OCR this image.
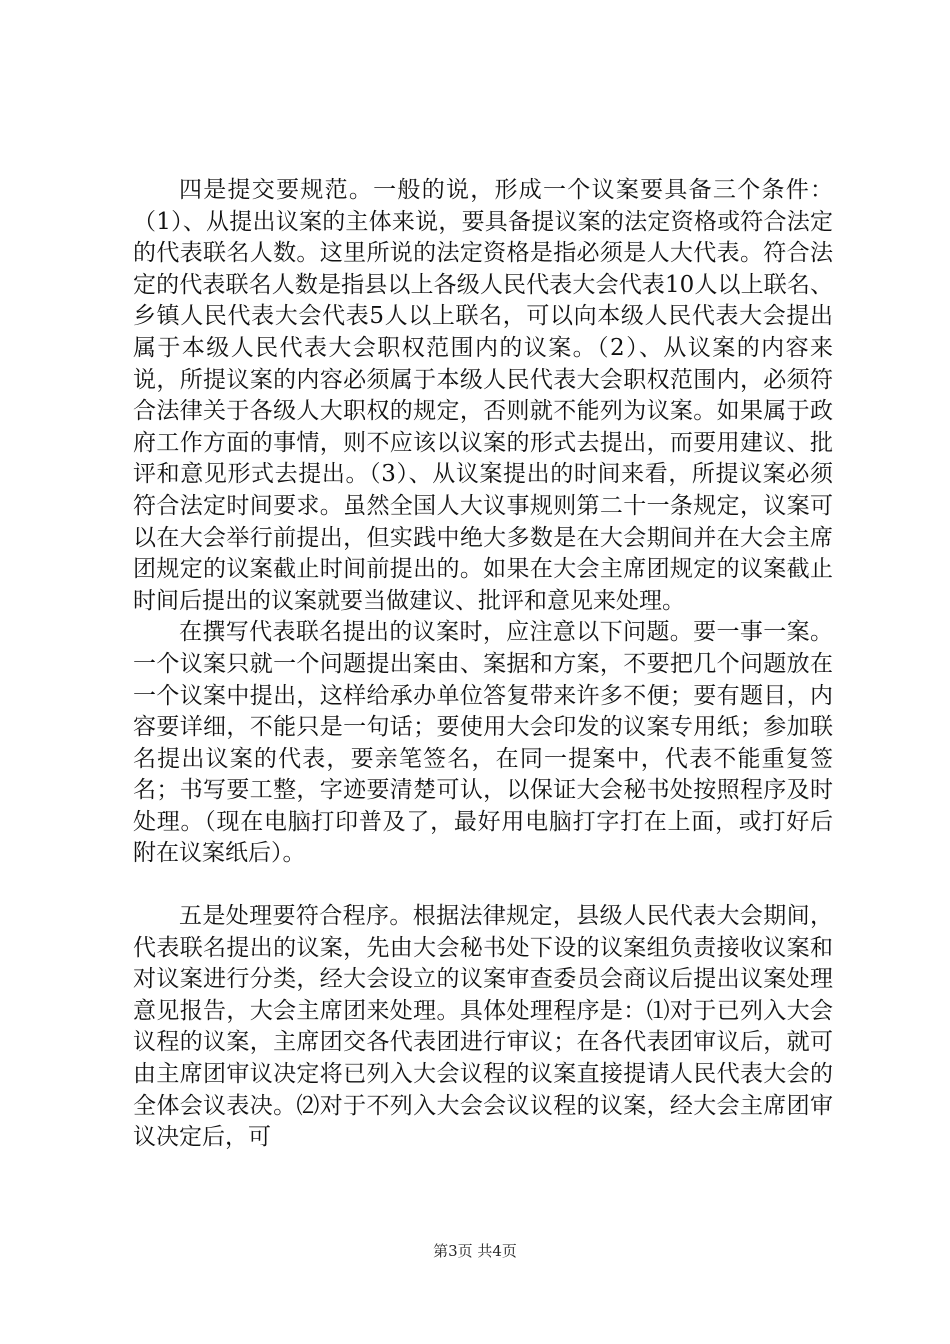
四是提交要规范。一般的说，形成一个议案要具备三个条件：（1）、从提出议案的主体来说，要具备提议案的法定资格或符合法定的代表联名人数。这里所说的法定资格是指必须是人大代表。符合法定的代表联名人数是指县以上各级人民代表大会代表10人以上联名、乡镇人民代表大会代表5人以上联名，可以向本级人民代表大会提出属于本级人民代表大会职权范围内的议案。（2）、从议案的内容来说，所提议案的内容必须属于本级人民代表大会职权范围内，必须符合法律关于各级人大职权的规定，否则就不能列为议案。如果属于政府工作方面的事情，则不应该以议案的形式去提出，而要用建议、批评和意见形式去提出。（3）、从议案提出的时间来看，所提议案必须符合法定时间要求。虽然全国人大议事规则第二十一条规定，议案可以在大会举行前提出，但实践中绝大多数是在大会期间并在大会主席团规定的议案截止时间前提出的。如果在大会主席团规定的议案截止时间后提出的议案就要当做建议、批评和意见来处理。

在撰写代表联名提出的议案时，应注意以下问题。要一事一案。一个议案只就一个问题提出案由、案据和方案，不要把几个问题放在一个议案中提出，这样给承办单位答复带来许多不便；要有题目，内容要详细，不能只是一句话；要使用大会印发的议案专用纸；参加联名提出议案的代表，要亲笔签名，在同一提案中，代表不能重复签名；书写要工整，字迹要清楚可认，以保证大会秘书处按照程序及时处理。（现在电脑打印普及了，最好用电脑打字打在上面，或打好后附在议案纸后）。

五是处理要符合程序。根据法律规定，县级人民代表大会期间，代表联名提出的议案，先由大会秘书处下设的议案组负责接收议案和对议案进行分类，经大会设立的议案审查委员会商议后提出议案处理意见报告，大会主席团来处理。具体处理程序是：⑴对于已列入大会议程的议案，主席团交各代表团进行审议；在各代表团审议后，就可由主席团审议决定将已列入大会议程的议案直接提请人民代表大会的全体会议表决。⑵对于不列入大会会议议程的议案，经大会主席团审议决定后，可

第3页 共4页
